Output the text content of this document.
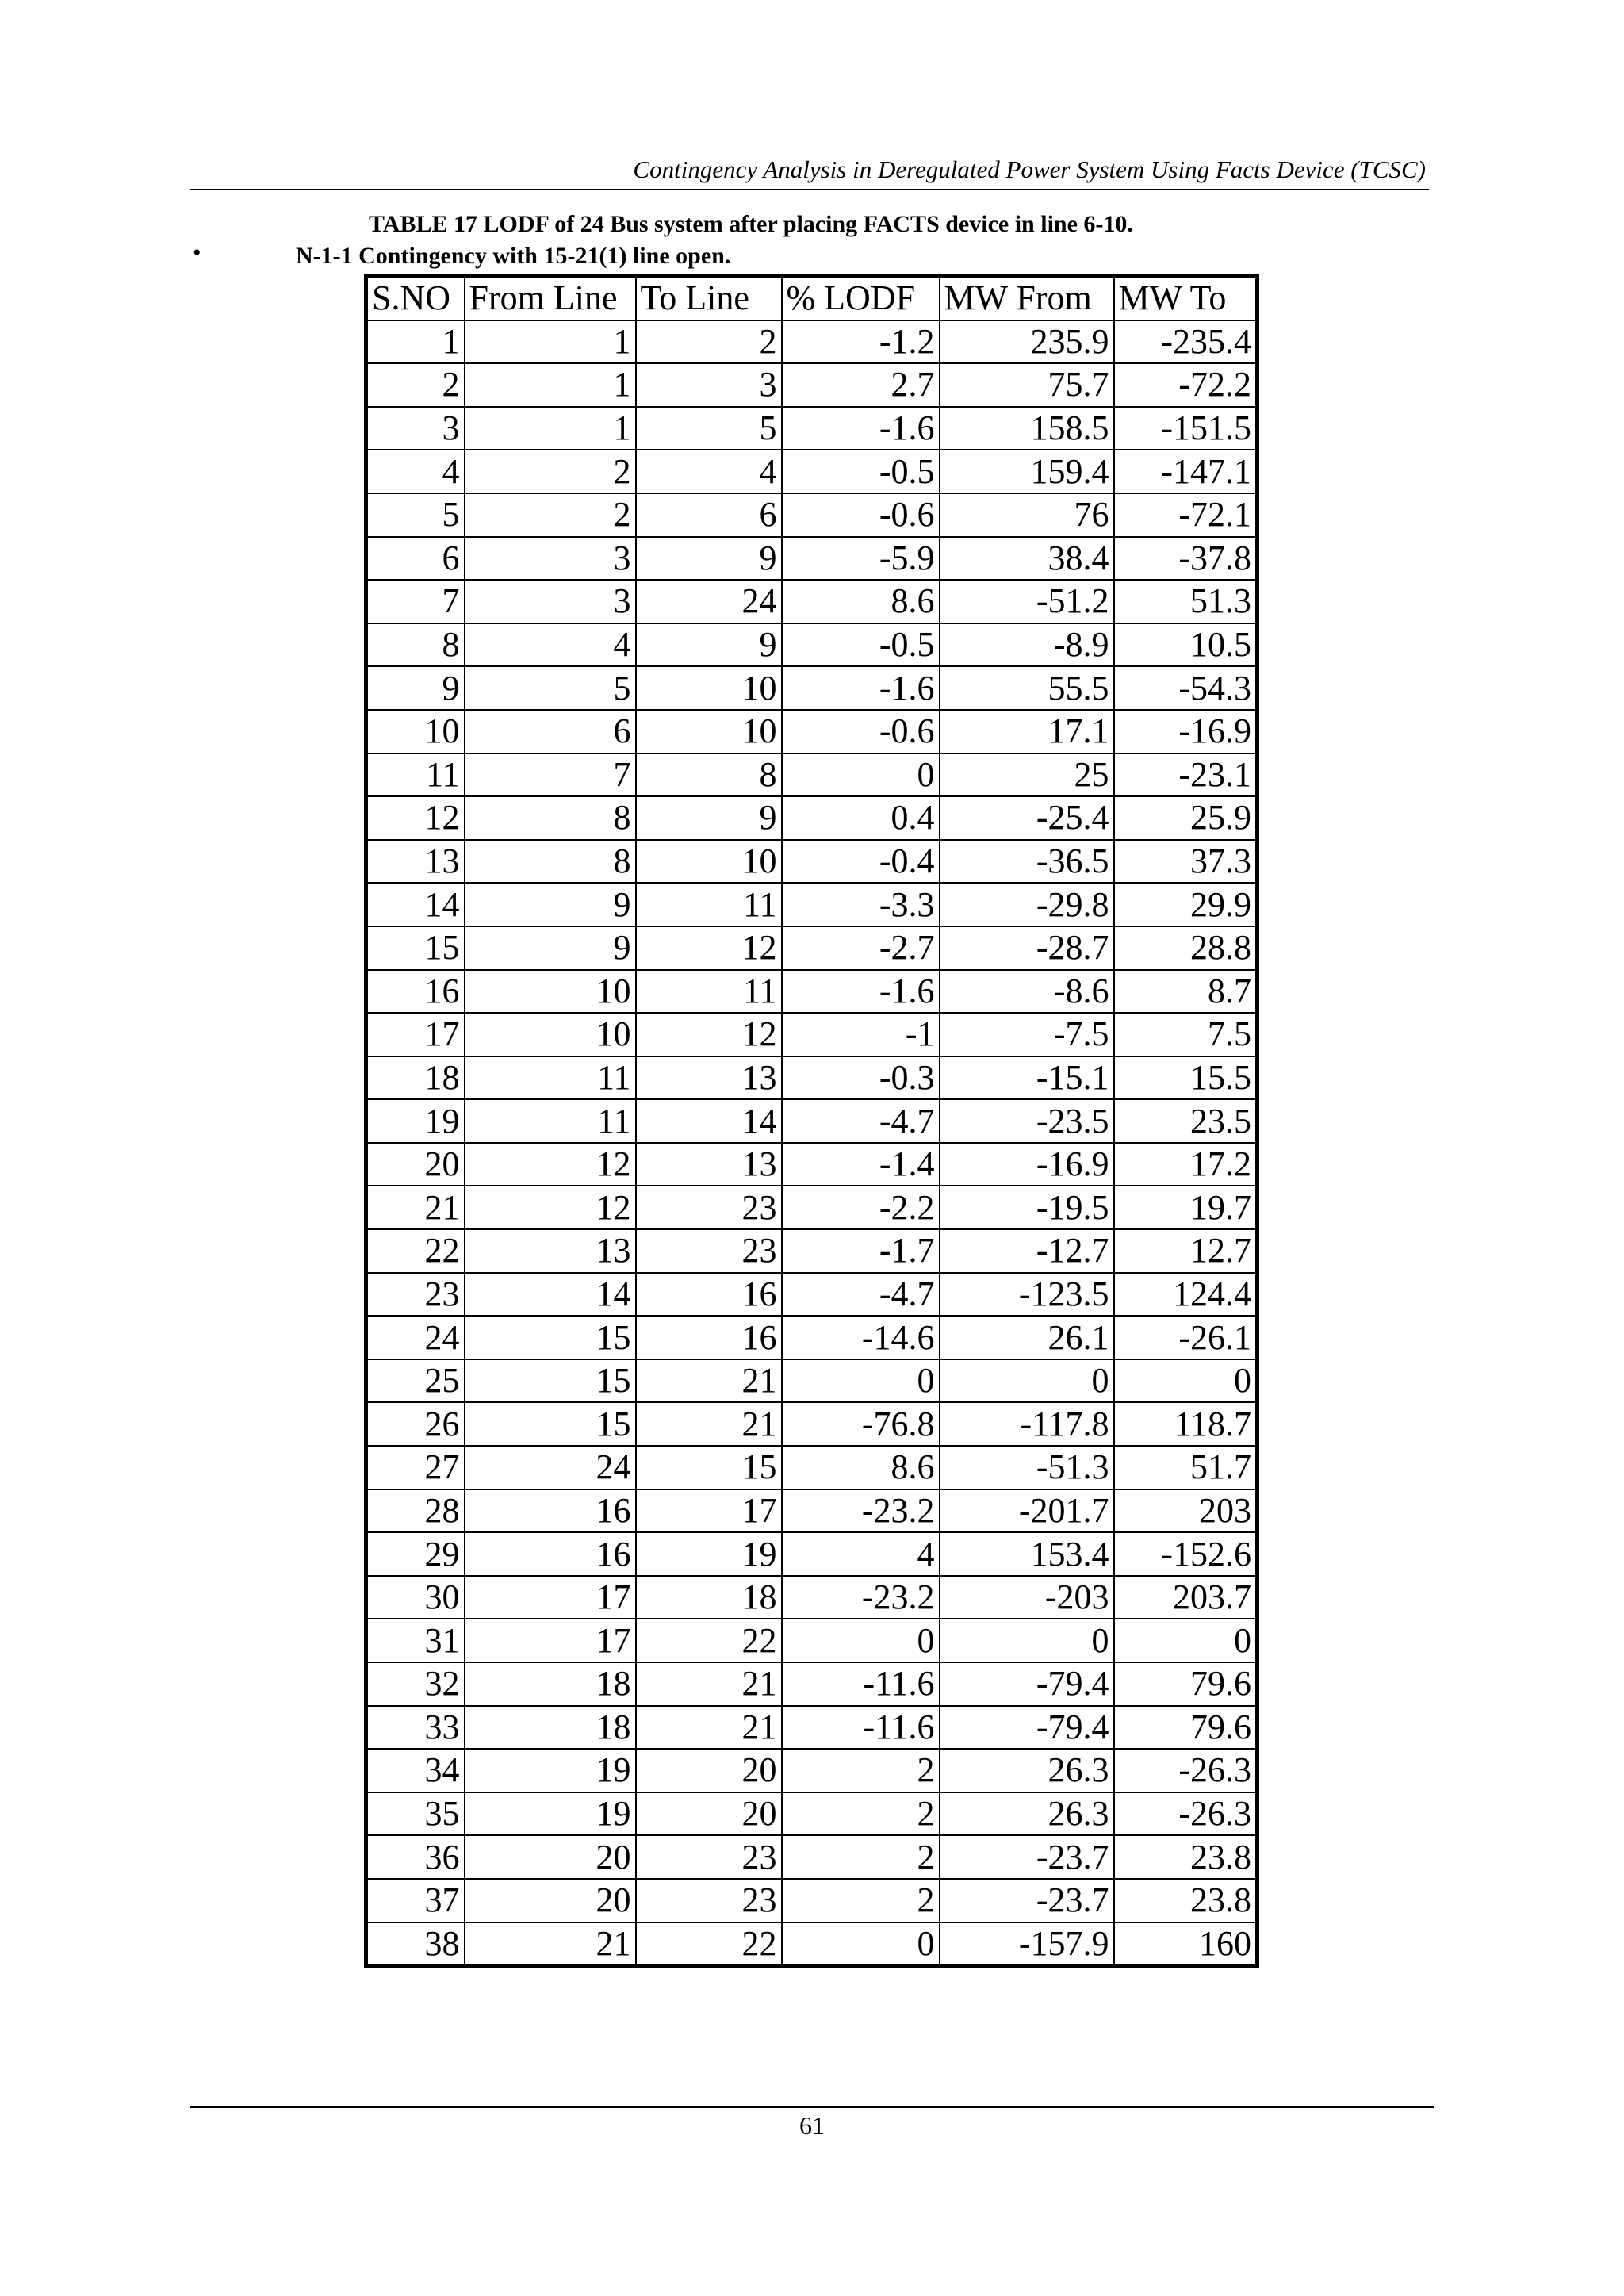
Contingency Analysis in Deregulated Power System Using Facts Device (TCSC)
TABLE 17 LODF of 24 Bus system after placing FACTS device in line 6-10.
•	N-1-1 Contingency with 15-21(1) line open.
S.NO	From Line	To Line	% LODF	MW From	MW To
1	1	2	-1.2	235.9	-235.4
2	1	3	2.7	75.7	-72.2
3	1	5	-1.6	158.5	-151.5
4	2	4	-0.5	159.4	-147.1
5	2	6	-0.6	76	-72.1
6	3	9	-5.9	38.4	-37.8
7	3	24	8.6	-51.2	51.3
8	4	9	-0.5	-8.9	10.5
9	5	10	-1.6	55.5	-54.3
10	6	10	-0.6	17.1	-16.9
11	7	8	0	25	-23.1
12	8	9	0.4	-25.4	25.9
13	8	10	-0.4	-36.5	37.3
14	9	11	-3.3	-29.8	29.9
15	9	12	-2.7	-28.7	28.8
16	10	11	-1.6	-8.6	8.7
17	10	12	-1	-7.5	7.5
18	11	13	-0.3	-15.1	15.5
19	11	14	-4.7	-23.5	23.5
20	12	13	-1.4	-16.9	17.2
21	12	23	-2.2	-19.5	19.7
22	13	23	-1.7	-12.7	12.7
23	14	16	-4.7	-123.5	124.4
24	15	16	-14.6	26.1	-26.1
25	15	21	0	0	0
26	15	21	-76.8	-117.8	118.7
27	24	15	8.6	-51.3	51.7
28	16	17	-23.2	-201.7	203
29	16	19	4	153.4	-152.6
30	17	18	-23.2	-203	203.7
31	17	22	0	0	0
32	18	21	-11.6	-79.4	79.6
33	18	21	-11.6	-79.4	79.6
34	19	20	2	26.3	-26.3
35	19	20	2	26.3	-26.3
36	20	23	2	-23.7	23.8
37	20	23	2	-23.7	23.8
38	21	22	0	-157.9	160
61
